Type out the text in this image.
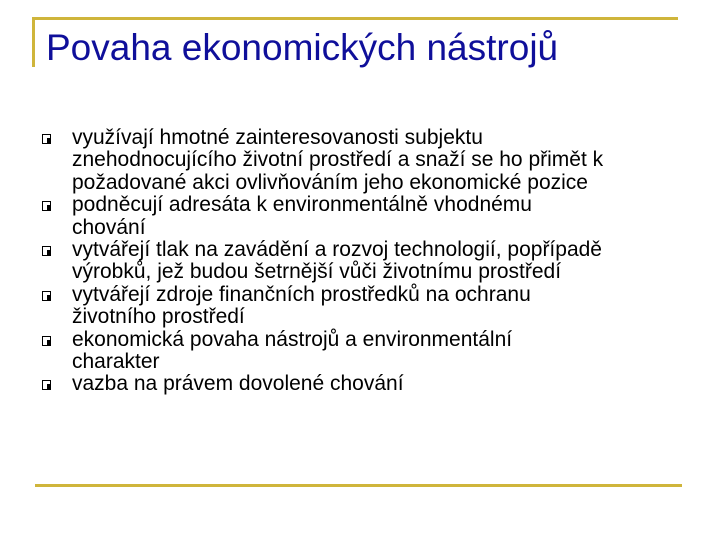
Povaha ekonomických nástrojů
využívají hmotné zainteresovanosti subjektu
znehodnocujícího životní prostředí a snaží se ho přimět k
požadované akci ovlivňováním jeho ekonomické pozice
podněcují adresáta k environmentálně vhodnému
chování
vytvářejí tlak na zavádění a rozvoj technologií, popřípadě
výrobků, jež budou šetrnější vůči životnímu prostředí
vytvářejí zdroje finančních prostředků na ochranu
životního prostředí
ekonomická povaha nástrojů a environmentální
charakter
vazba na právem dovolené chování
